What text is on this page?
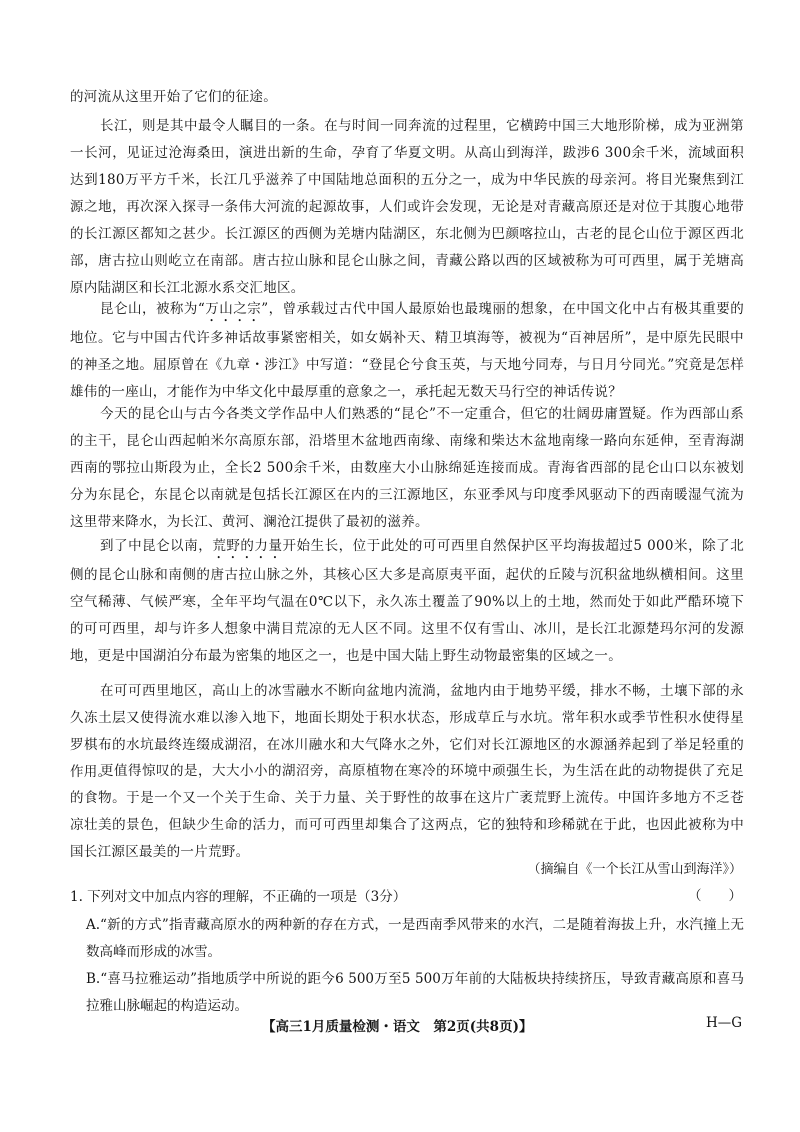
的河流从这里开始了它们的征途。

长江，则是其中最令人瞩目的一条。在与时间一同奔流的过程里，它横跨中国三大地形阶梯，成为亚洲第一长河，见证过沧海桑田，演进出新的生命，孕育了华夏文明。从高山到海洋，跋涉6 300余千米，流域面积达到180万平方千米，长江几乎滋养了中国陆地总面积的五分之一，成为中华民族的母亲河。将目光聚焦到江源之地，再次深入探寻一条伟大河流的起源故事，人们或许会发现，无论是对青藏高原还是对位于其腹心地带的长江源区都知之甚少。长江源区的西侧为羌塘内陆湖区，东北侧为巴颜喀拉山，古老的昆仑山位于源区西北部，唐古拉山则屹立在南部。唐古拉山脉和昆仑山脉之间，青藏公路以西的区域被称为可可西里，属于羌塘高原内陆湖区和长江北源水系交汇地区。

昆仑山，被称为“万山之宗”，曾承载过古代中国人最原始也最瑰丽的想象，在中国文化中占有极其重要的地位。它与中国古代许多神话故事紧密相关，如女娲补天、精卫填海等，被视为“百神居所”，是中原先民眼中的神圣之地。屈原曾在《九章・涉江》中写道：“登昆仑兮食玉英，与天地兮同寿，与日月兮同光。”究竟是怎样雄伟的一座山，才能作为中华文化中最厚重的意象之一，承托起无数天马行空的神话传说？

今天的昆仑山与古今各类文学作品中人们熟悉的“昆仑”不一定重合，但它的壮阔毋庸置疑。作为西部山系的主干，昆仑山西起帕米尔高原东部，沿塔里木盆地西南缘、南缘和柴达木盆地南缘一路向东延伸，至青海湖西南的鄂拉山斯段为止，全长2 500余千米，由数座大小山脉绵延连接而成。青海省西部的昆仑山口以东被划分为东昆仑，东昆仑以南就是包括长江源区在内的三江源地区，东亚季风与印度季风驱动下的西南暖湿气流为这里带来降水，为长江、黄河、澜沧江提供了最初的滋养。

到了中昆仑以南，荒野的力量开始生长，位于此处的可可西里自然保护区平均海拔超过5 000米，除了北侧的昆仑山脉和南侧的唐古拉山脉之外，其核心区大多是高原夷平面，起伏的丘陵与沉积盆地纵横相间。这里空气稀薄、气候严寒，全年平均气温在0℃以下，永久冻土覆盖了90%以上的土地，然而处于如此严酷环境下的可可西里，却与许多人想象中满目荒凉的无人区不同。这里不仅有雪山、冰川，是长江北源楚玛尔河的发源地，更是中国湖泊分布最为密集的地区之一，也是中国大陆上野生动物最密集的区域之一。

在可可西里地区，高山上的冰雪融水不断向盆地内流淌，盆地内由于地势平缓，排水不畅，土壤下部的永久冻土层又使得流水难以渗入地下，地面长期处于积水状态，形成草丘与水坑。常年积水或季节性积水使得星罗棋布的水坑最终连缀成湖沼，在冰川融水和大气降水之外，它们对长江源地区的水源涵养起到了举足轻重的作用。

更值得惊叹的是，大大小小的湖沼旁，高原植物在寒冷的环境中顽强生长，为生活在此的动物提供了充足的食物。于是一个又一个关于生命、关于力量、关于野性的故事在这片广袤荒野上流传。中国许多地方不乏苍凉壮美的景色，但缺少生命的活力，而可可西里却集合了这两点，它的独特和珍稀就在于此，也因此被称为中国长江源区最美的一片荒野。

（摘编自《一个长江从雪山到海洋》）
1. 下列对文中加点内容的理解，不正确的一项是（3分）	（　　）
A.“新的方式”指青藏高原水的两种新的存在方式，一是西南季风带来的水汽，二是随着海拔上升，水汽撞上无数高峰而形成的冰雪。
B.“喜马拉雅运动”指地质学中所说的距今6 500万至5 500万年前的大陆板块持续挤压，导致青藏高原和喜马拉雅山脉崛起的构造运动。
【高三1月质量检测・语文　第2页(共8页)】	H—G
